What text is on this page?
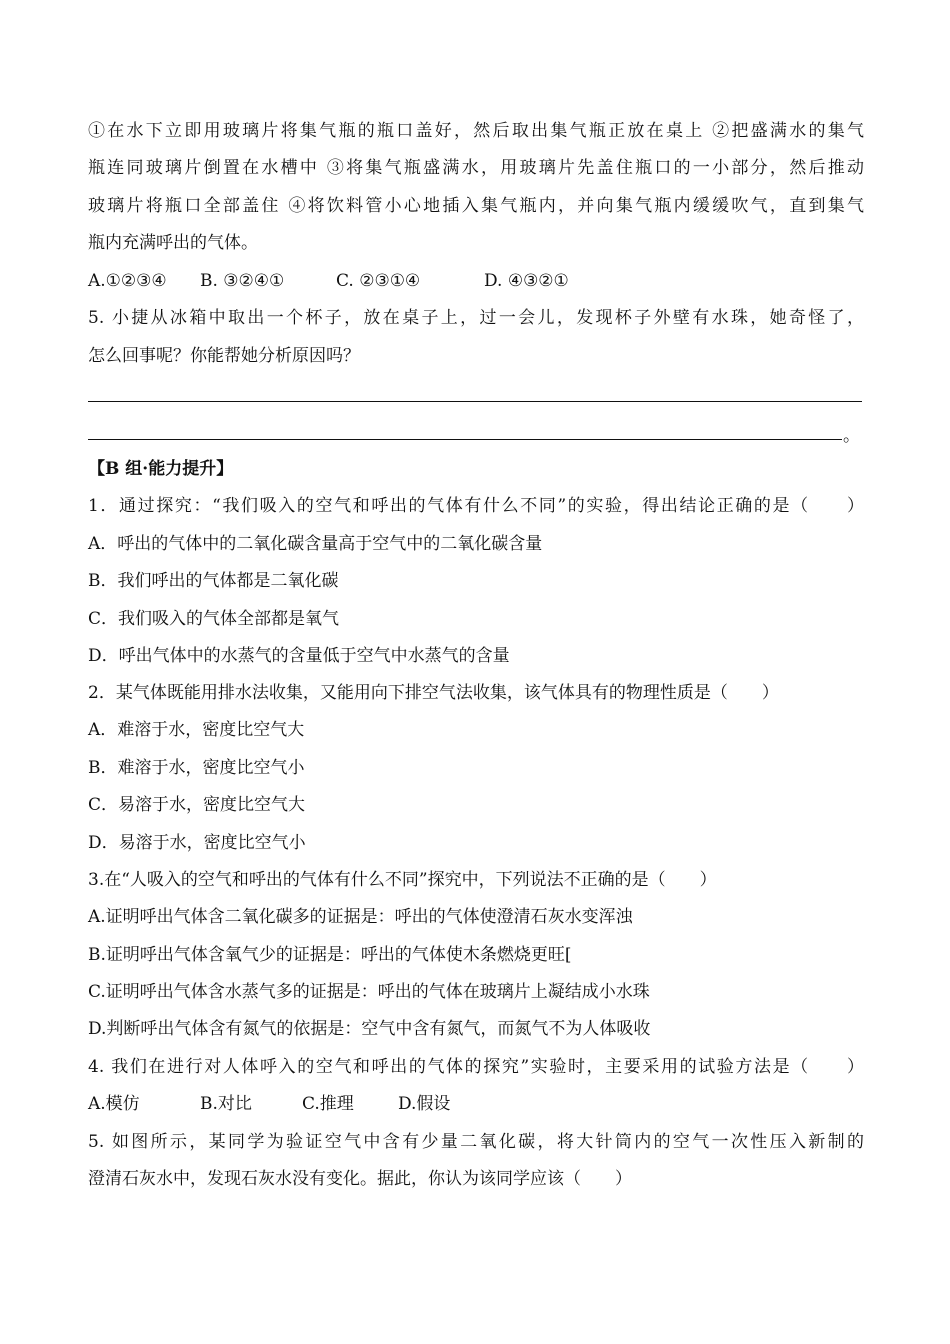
①在水下立即用玻璃片将集气瓶的瓶口盖好，然后取出集气瓶正放在桌上 ②把盛满水的集气
瓶连同玻璃片倒置在水槽中 ③将集气瓶盛满水，用玻璃片先盖住瓶口的一小部分，然后推动
玻璃片将瓶口全部盖住 ④将饮料管小心地插入集气瓶内，并向集气瓶内缓缓吹气，直到集气
瓶内充满呼出的气体。
A.①②③④ B. ③②④①	C. ②③①④	D. ④③②①
5. 小捷从冰箱中取出一个杯子，放在桌子上，过一会儿，发现杯子外壁有水珠，她奇怪了，
怎么回事呢？你能帮她分析原因吗？
。
【B 组·能力提升】
1．通过探究：“我们吸入的空气和呼出的气体有什么不同”的实验，得出结论正确的是（　　）
A．呼出的气体中的二氧化碳含量高于空气中的二氧化碳含量
B．我们呼出的气体都是二氧化碳
C．我们吸入的气体全部都是氧气
D．呼出气体中的水蒸气的含量低于空气中水蒸气的含量
2．某气体既能用排水法收集，又能用向下排空气法收集，该气体具有的物理性质是（　　）
A．难溶于水，密度比空气大
B．难溶于水，密度比空气小
C．易溶于水，密度比空气大
D．易溶于水，密度比空气小
3.在“人吸入的空气和呼出的气体有什么不同”探究中，下列说法不正确的是（　　）
A.证明呼出气体含二氧化碳多的证据是：呼出的气体使澄清石灰水变浑浊
B.证明呼出气体含氧气少的证据是：呼出的气体使木条燃烧更旺[
C.证明呼出气体含水蒸气多的证据是：呼出的气体在玻璃片上凝结成小水珠
D.判断呼出气体含有氮气的依据是：空气中含有氮气，而氮气不为人体吸收
4. 我们在进行对人体呼入的空气和呼出的气体的探究”实验时，主要采用的试验方法是（　　）
A.模仿	B.对比	C.推理	D.假设
5. 如图所示，某同学为验证空气中含有少量二氧化碳，将大针筒内的空气一次性压入新制的
澄清石灰水中，发现石灰水没有变化。据此，你认为该同学应该（　　）
